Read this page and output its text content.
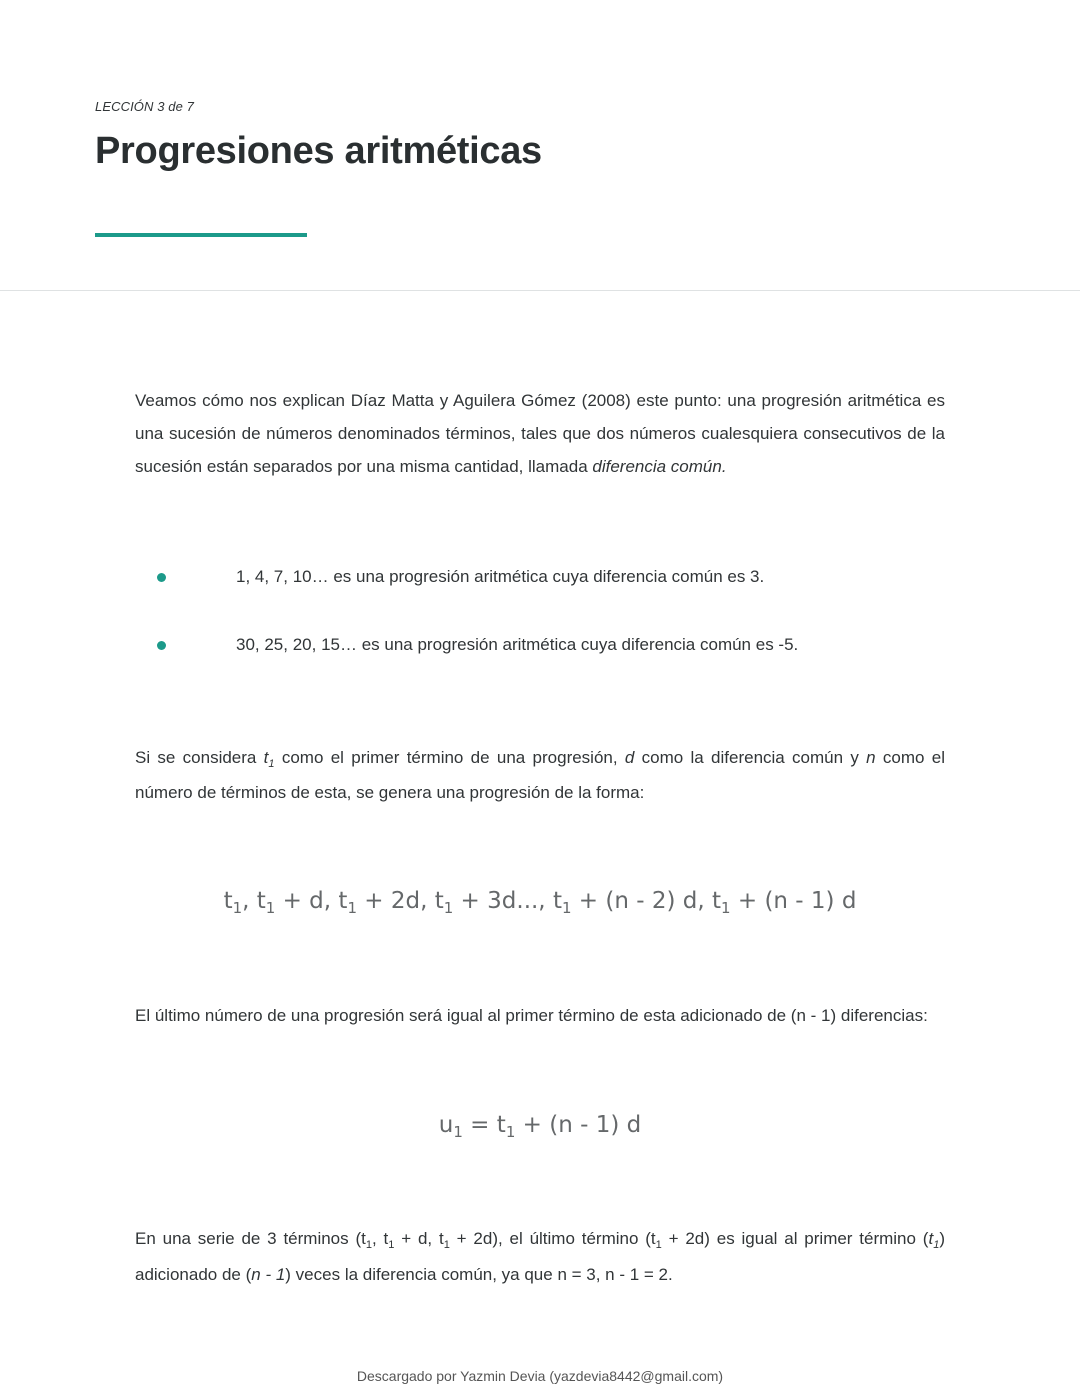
LECCIÓN 3 de 7
Progresiones aritméticas

Veamos cómo nos explican Díaz Matta y Aguilera Gómez (2008) este punto: una progresión aritmética es una sucesión de números denominados términos, tales que dos números cualesquiera consecutivos de la sucesión están separados por una misma cantidad, llamada diferencia común.

1, 4, 7, 10… es una progresión aritmética cuya diferencia común es 3.
30, 25, 20, 15… es una progresión aritmética cuya diferencia común es -5.

Si se considera $t_1$ como el primer término de una progresión, d como la diferencia común y n como el número de términos de esta, se genera una progresión de la forma:

$t_1$, $t_1 + d$, $t_1 + 2d$, $t_1 + 3d$..., $t_1 + (n - 2)$ d, $t_1 + (n - 1)$ d

El último número de una progresión será igual al primer término de esta adicionado de (n - 1) diferencias:

$u_1 = t_1 + (n - 1)$ d

En una serie de 3 términos ($t_1$, $t_1 + d$, $t_1 + 2d$), el último término $(t_1 + 2d)$ es igual al primer término $(t_1)$ adicionado de (n - 1) veces la diferencia común, ya que n = 3, n - 1 = 2.

Descargado por Yazmin Devia (yazdevia8442@gmail.com)
